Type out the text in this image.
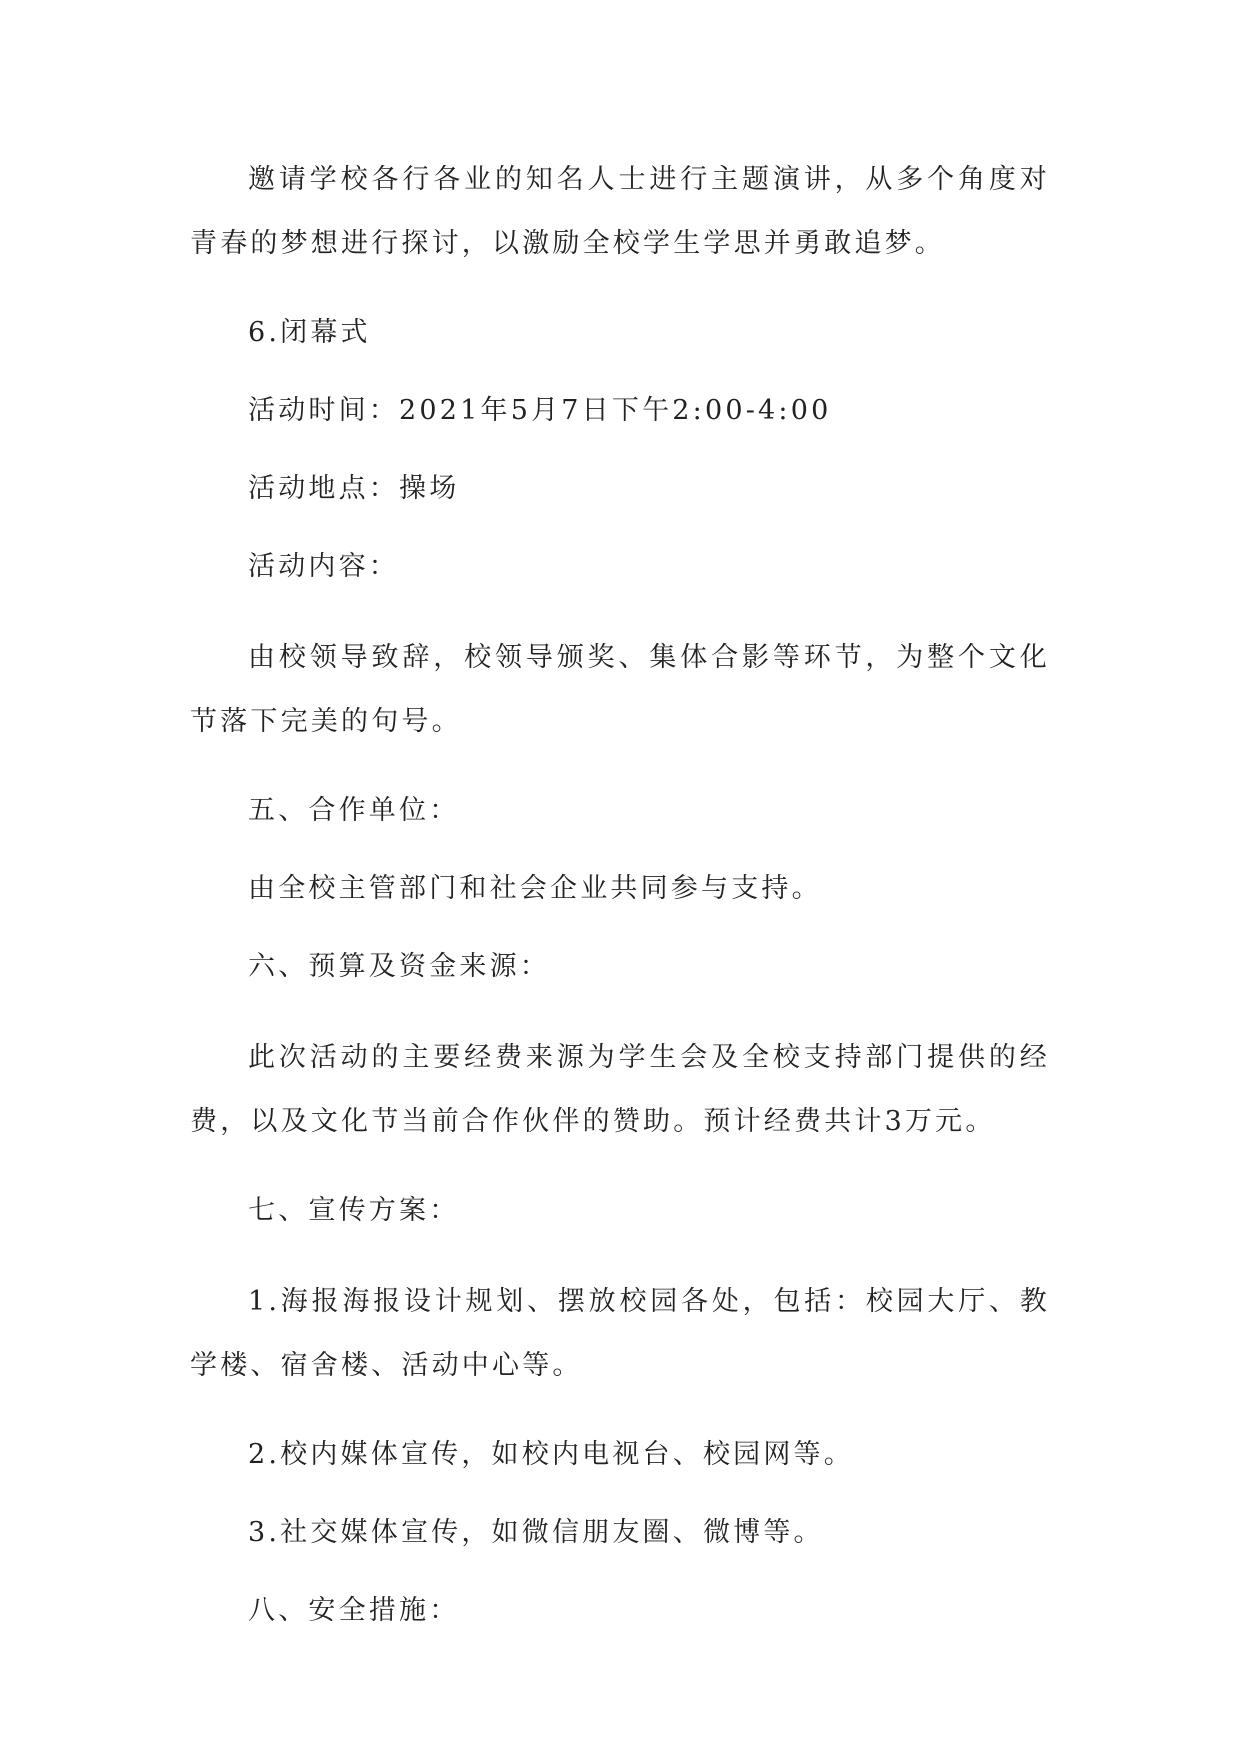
邀请学校各行各业的知名人士进行主题演讲，从多个角度对青春的梦想进行探讨，以激励全校学生学思并勇敢追梦。

6.闭幕式

活动时间：2021年5月7日下午2:00-4:00

活动地点：操场

活动内容：

由校领导致辞，校领导颁奖、集体合影等环节，为整个文化节落下完美的句号。

五、合作单位：

由全校主管部门和社会企业共同参与支持。

六、预算及资金来源：

此次活动的主要经费来源为学生会及全校支持部门提供的经费，以及文化节当前合作伙伴的赞助。预计经费共计3万元。

七、宣传方案：

1.海报海报设计规划、摆放校园各处，包括：校园大厅、教学楼、宿舍楼、活动中心等。

2.校内媒体宣传，如校内电视台、校园网等。

3.社交媒体宣传，如微信朋友圈、微博等。

八、安全措施：
